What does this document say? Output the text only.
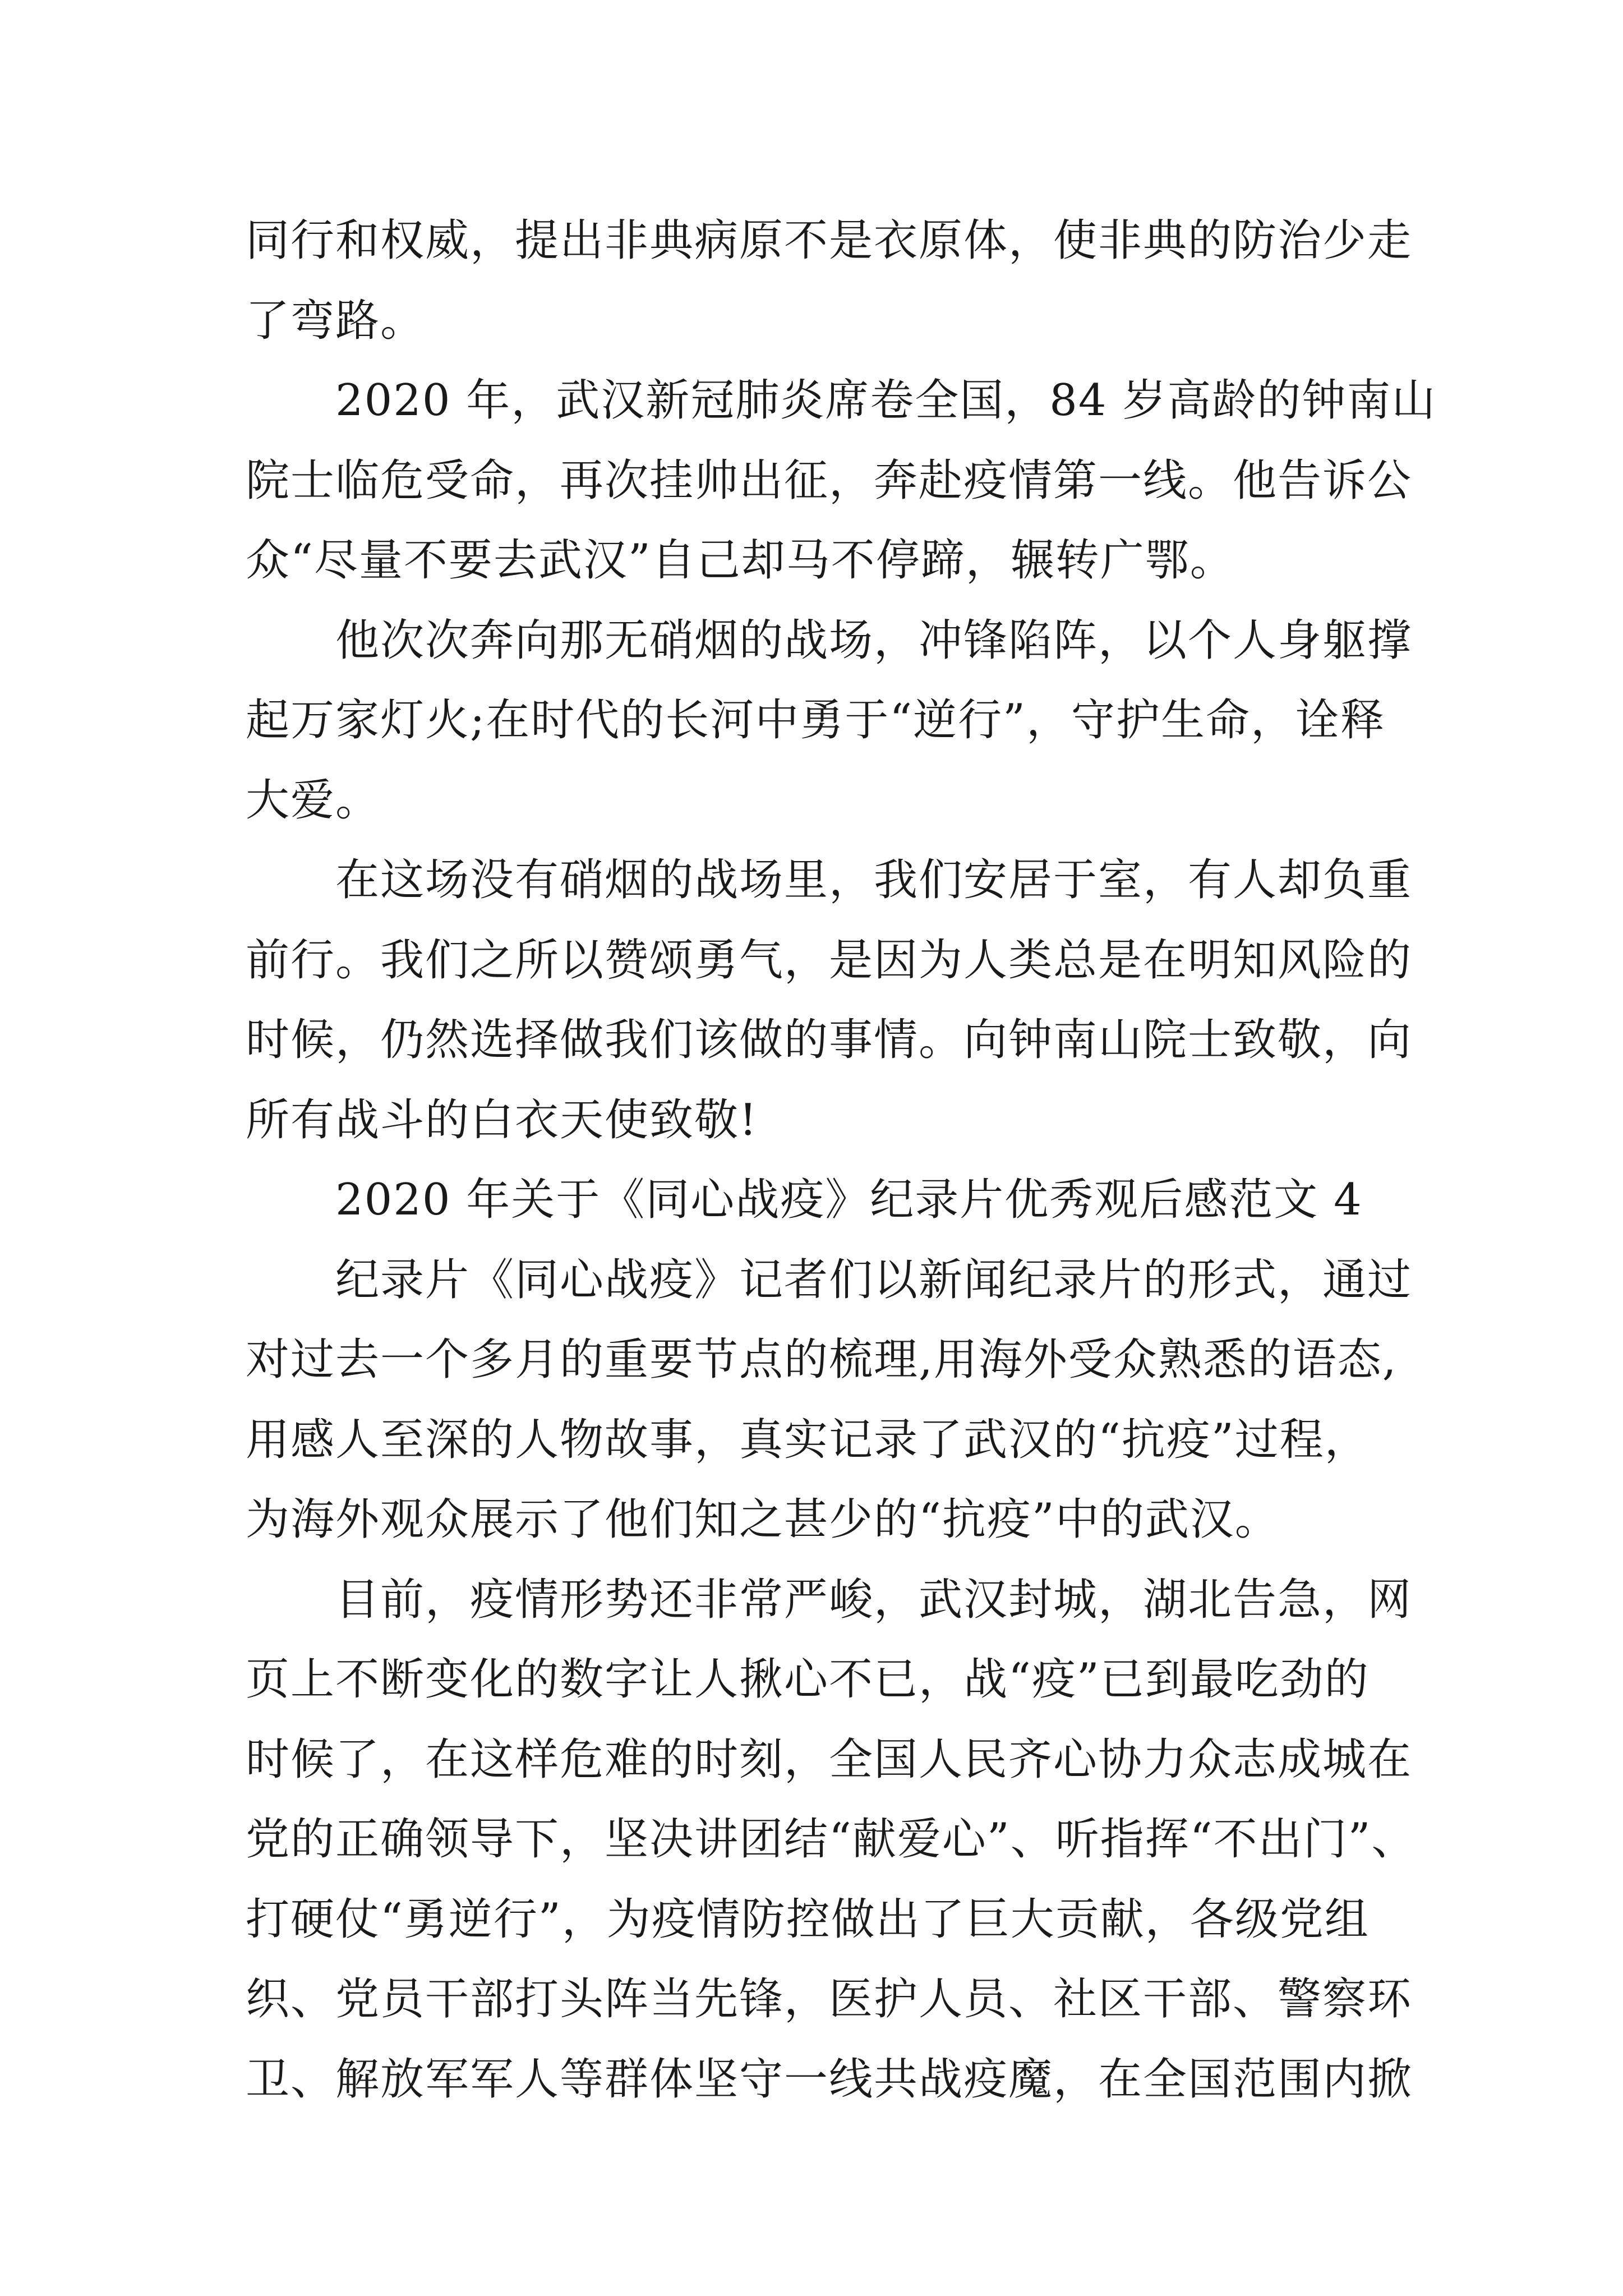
同行和权威，提出非典病原不是衣原体，使非典的防治少走
了弯路。
2020 年，武汉新冠肺炎席卷全国，84 岁高龄的钟南山
院士临危受命，再次挂帅出征，奔赴疫情第一线。他告诉公
众“尽量不要去武汉”自己却马不停蹄，辗转广鄂。
他次次奔向那无硝烟的战场，冲锋陷阵，以个人身躯撑
起万家灯火;在时代的长河中勇于“逆行”，守护生命，诠释
大爱。
在这场没有硝烟的战场里，我们安居于室，有人却负重
前行。我们之所以赞颂勇气，是因为人类总是在明知风险的
时候，仍然选择做我们该做的事情。向钟南山院士致敬，向
所有战斗的白衣天使致敬!
2020 年关于《同心战疫》纪录片优秀观后感范文 4
纪录片《同心战疫》记者们以新闻纪录片的形式，通过
对过去一个多月的重要节点的梳理,用海外受众熟悉的语态,
用感人至深的人物故事，真实记录了武汉的“抗疫”过程，
为海外观众展示了他们知之甚少的“抗疫”中的武汉。
目前，疫情形势还非常严峻，武汉封城，湖北告急，网
页上不断变化的数字让人揪心不已，战“疫”已到最吃劲的
时候了，在这样危难的时刻，全国人民齐心协力众志成城在
党的正确领导下，坚决讲团结“献爱心”、听指挥“不出门”、
打硬仗“勇逆行”，为疫情防控做出了巨大贡献，各级党组
织、党员干部打头阵当先锋，医护人员、社区干部、警察环
卫、解放军军人等群体坚守一线共战疫魔，在全国范围内掀
